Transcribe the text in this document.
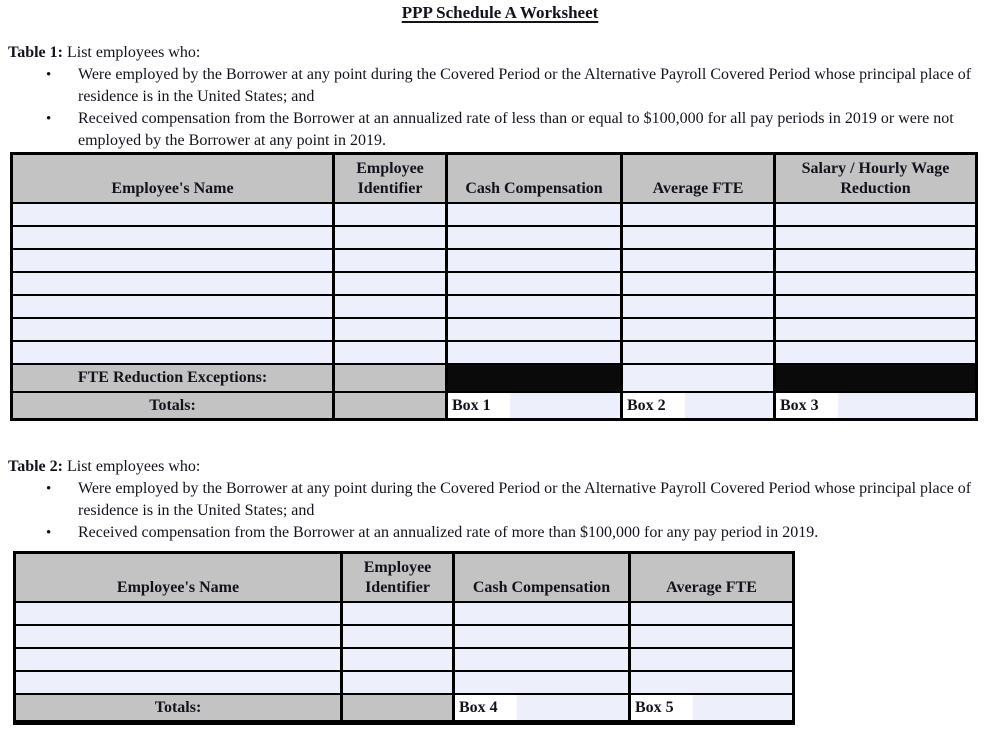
PPP Schedule A Worksheet
Table 1: List employees who:
• Were employed by the Borrower at any point during the Covered Period or the Alternative Payroll Covered Period whose principal place of residence is in the United States; and
• Received compensation from the Borrower at an annualized rate of less than or equal to $100,000 for all pay periods in 2019 or were not employed by the Borrower at any point in 2019.
Employee's Name	Employee Identifier	Cash Compensation	Average FTE	Salary / Hourly Wage Reduction

FTE Reduction Exceptions:				
Totals:		Box 1	Box 2	Box 3
Table 2: List employees who:
• Were employed by the Borrower at any point during the Covered Period or the Alternative Payroll Covered Period whose principal place of residence is in the United States; and
• Received compensation from the Borrower at an annualized rate of more than $100,000 for any pay period in 2019.
Employee's Name	Employee Identifier	Cash Compensation	Average FTE

Totals:		Box 4	Box 5
